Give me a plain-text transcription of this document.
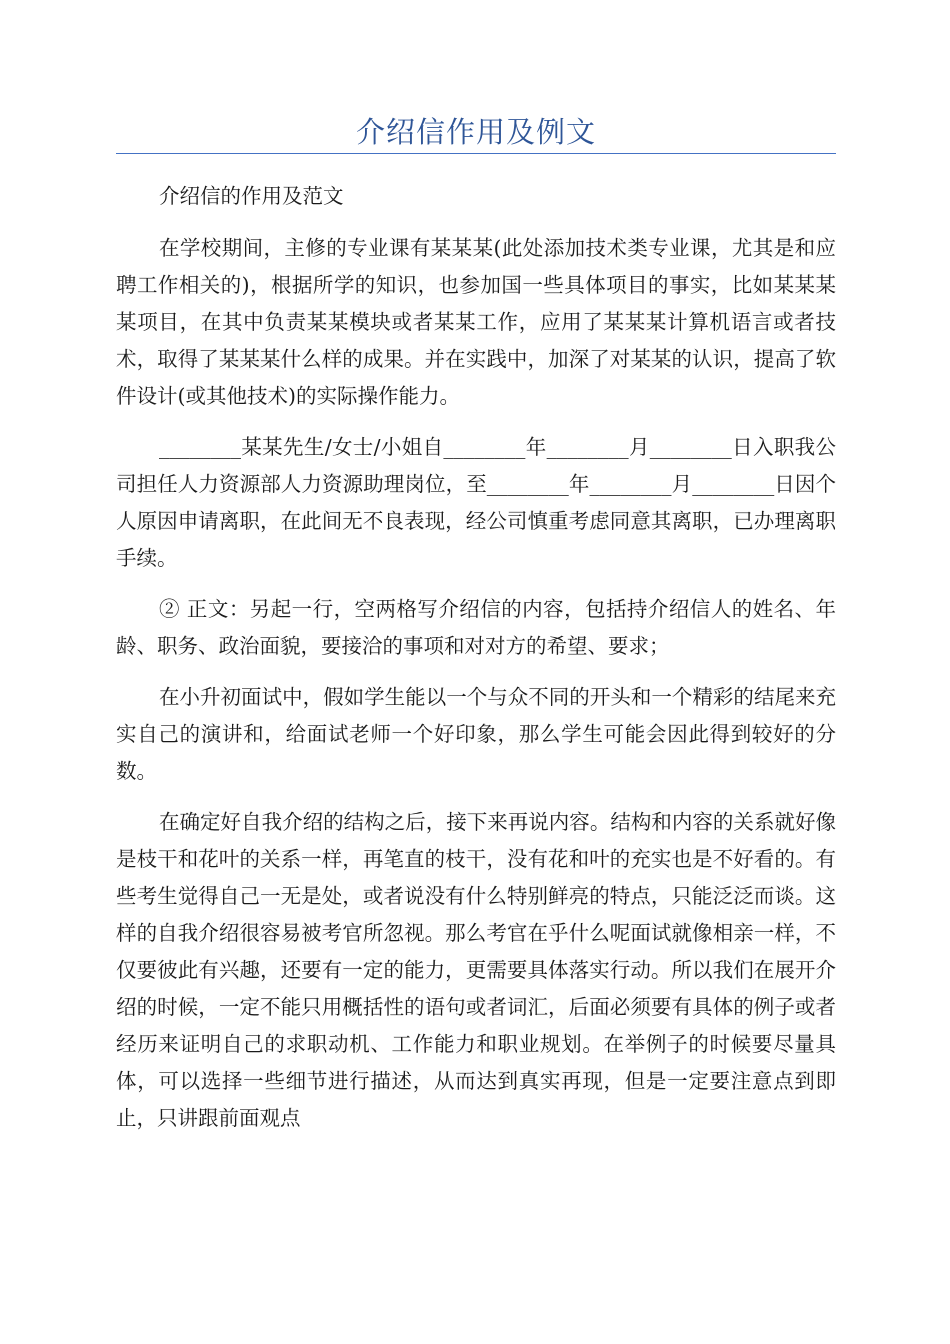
介绍信作用及例文

介绍信的作用及范文

在学校期间，主修的专业课有某某某(此处添加技术类专业课，尤其是和应聘工作相关的)，根据所学的知识，也参加国一些具体项目的事实，比如某某某某项目，在其中负责某某模块或者某某工作，应用了某某某计算机语言或者技术，取得了某某某什么样的成果。并在实践中，加深了对某某的认识，提高了软件设计(或其他技术)的实际操作能力。

________某某先生/女士/小姐自________年________月________日入职我公司担任人力资源部人力资源助理岗位，至________年________月________日因个人原因申请离职，在此间无不良表现，经公司慎重考虑同意其离职，已办理离职手续。

② 正文：另起一行，空两格写介绍信的内容，包括持介绍信人的姓名、年龄、职务、政治面貌，要接洽的事项和对对方的希望、要求；

在小升初面试中，假如学生能以一个与众不同的开头和一个精彩的结尾来充实自己的演讲和，给面试老师一个好印象，那么学生可能会因此得到较好的分数。

在确定好自我介绍的结构之后，接下来再说内容。结构和内容的关系就好像是枝干和花叶的关系一样，再笔直的枝干，没有花和叶的充实也是不好看的。有些考生觉得自己一无是处，或者说没有什么特别鲜亮的特点，只能泛泛而谈。这样的自我介绍很容易被考官所忽视。那么考官在乎什么呢面试就像相亲一样，不仅要彼此有兴趣，还要有一定的能力，更需要具体落实行动。所以我们在展开介绍的时候，一定不能只用概括性的语句或者词汇，后面必须要有具体的例子或者经历来证明自己的求职动机、工作能力和职业规划。在举例子的时候要尽量具体，可以选择一些细节进行描述，从而达到真实再现，但是一定要注意点到即止，只讲跟前面观点
